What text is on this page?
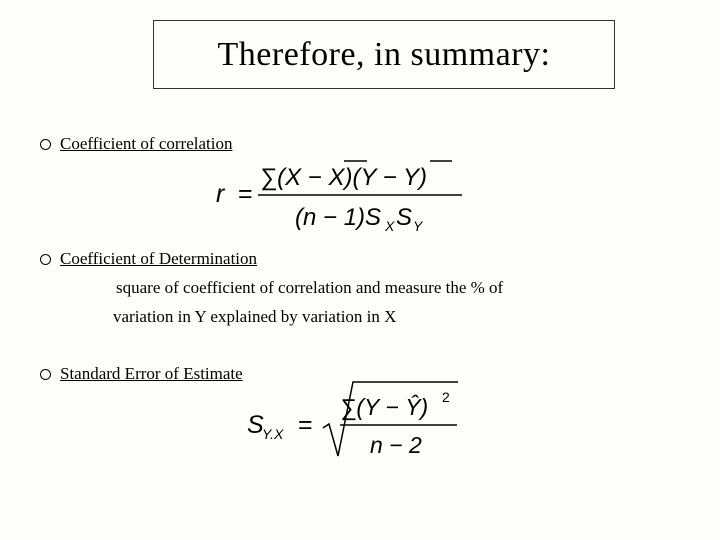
Therefore, in summary:
Coefficient of correlation
r =
∑(X − X)(Y − Y)
(n − 1)S X S Y
Coefficient of Determination
square of coefficient of correlation and measure the % of
variation in Y explained by variation in X
Standard Error of Estimate
S
Y.X =
∑(Y − Ŷ) 2
n − 2
